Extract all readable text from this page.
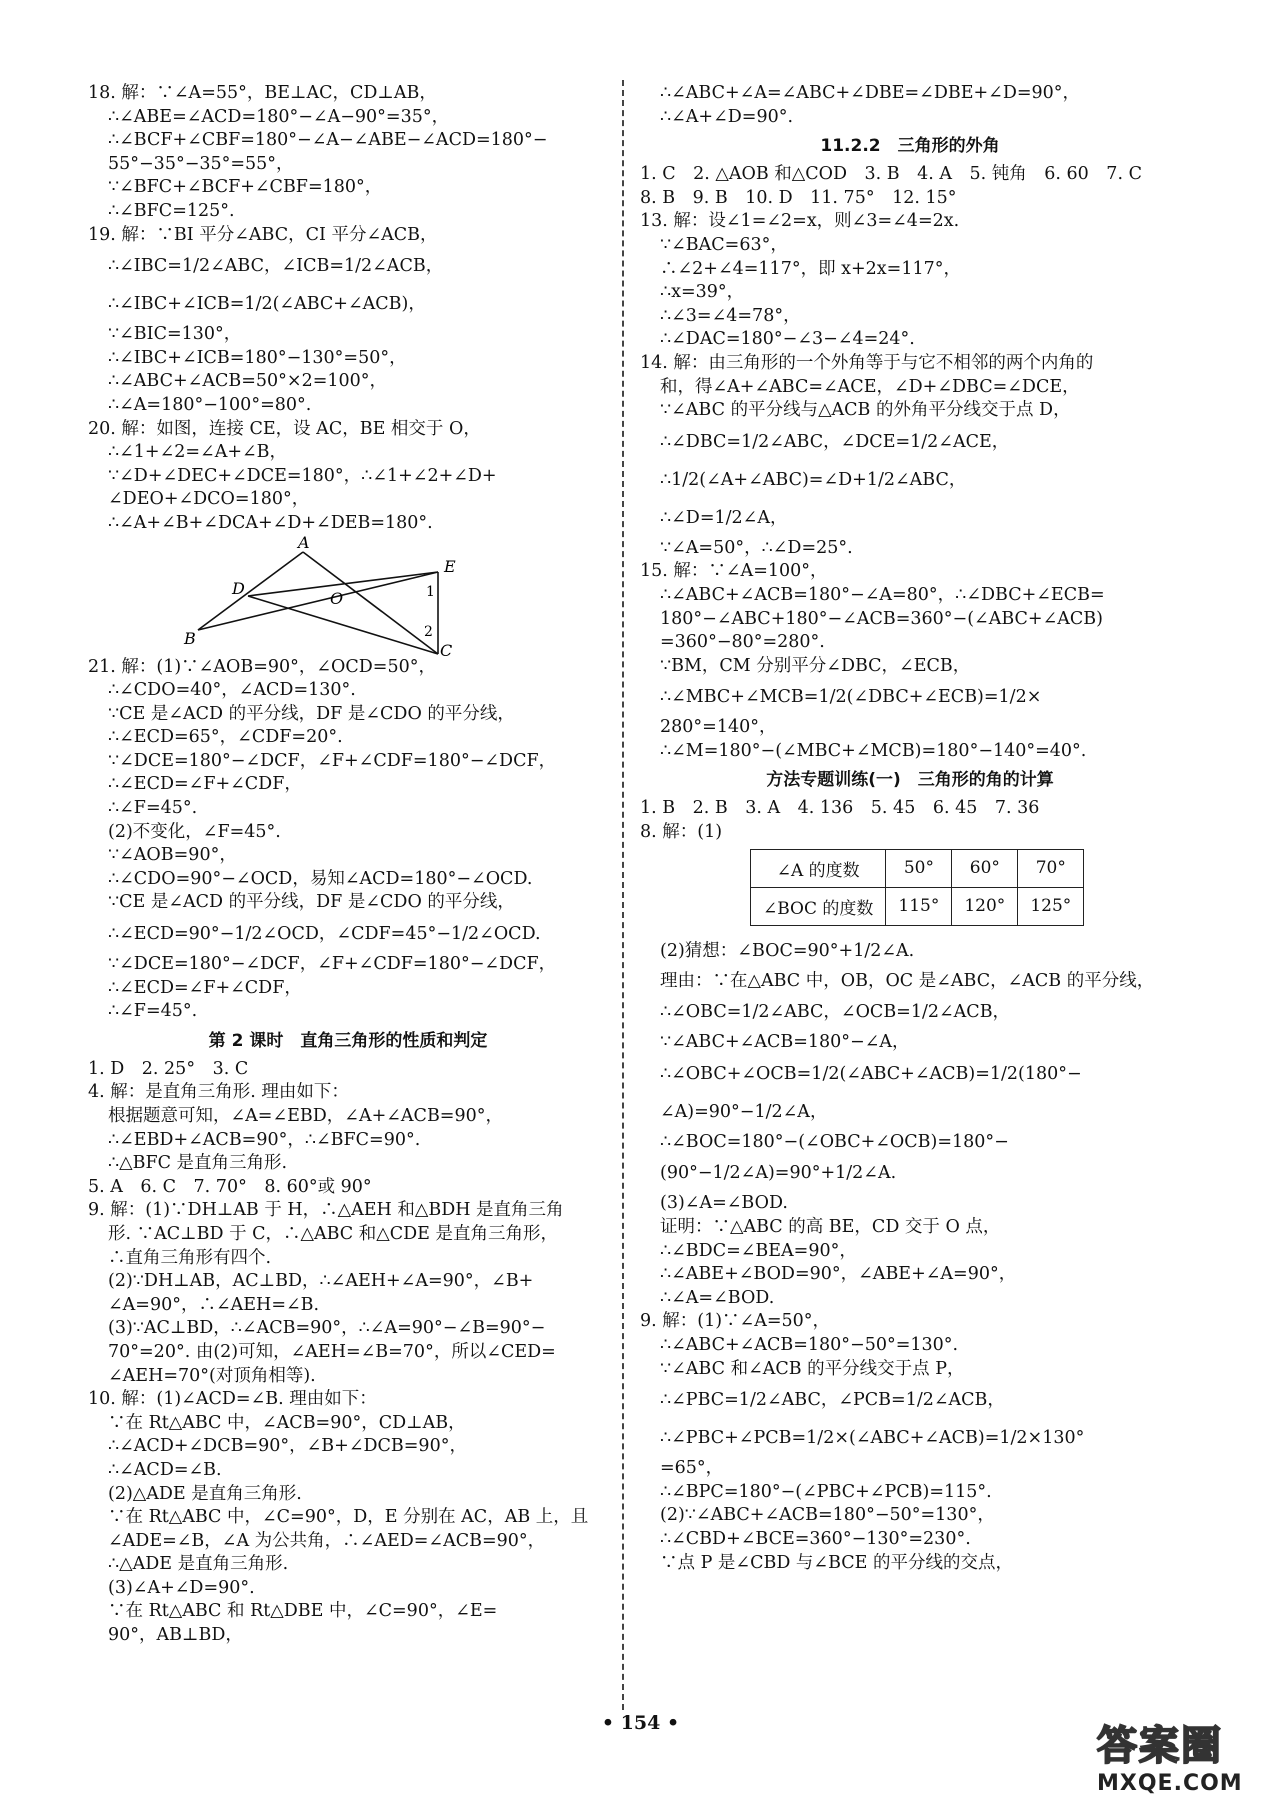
18. 解：∵∠A=55°，BE⊥AC，CD⊥AB，

∴∠ABE=∠ACD=180°−∠A−90°=35°，

∴∠BCF+∠CBF=180°−∠A−∠ABE−∠ACD=180°−

55°−35°−35°=55°，

∵∠BFC+∠BCF+∠CBF=180°，

∴∠BFC=125°.

19. 解：∵BI 平分∠ABC，CI 平分∠ACB，

∴∠IBC=1/2∠ABC，∠ICB=1/2∠ACB，

∴∠IBC+∠ICB=1/2(∠ABC+∠ACB)，

∵∠BIC=130°，

∴∠IBC+∠ICB=180°−130°=50°，

∴∠ABC+∠ACB=50°×2=100°，

∴∠A=180°−100°=80°.

20. 解：如图，连接 CE，设 AC，BE 相交于 O，

∴∠1+∠2=∠A+∠B，

∵∠D+∠DEC+∠DCE=180°，∴∠1+∠2+∠D+

∠DEO+∠DCO=180°，

∴∠A+∠B+∠DCA+∠D+∠DEB=180°.

A
B
C
D
E
O	1
2

21. 解：(1)∵∠AOB=90°，∠OCD=50°，

∴∠CDO=40°，∠ACD=130°.

∵CE 是∠ACD 的平分线，DF 是∠CDO 的平分线，

∴∠ECD=65°，∠CDF=20°.

∵∠DCE=180°−∠DCF，∠F+∠CDF=180°−∠DCF，

∴∠ECD=∠F+∠CDF，

∴∠F=45°.

(2)不变化，∠F=45°.

∵∠AOB=90°，

∴∠CDO=90°−∠OCD，易知∠ACD=180°−∠OCD.

∵CE 是∠ACD 的平分线，DF 是∠CDO 的平分线，

∴∠ECD=90°−1/2∠OCD，∠CDF=45°−1/2∠OCD.

∵∠DCE=180°−∠DCF，∠F+∠CDF=180°−∠DCF，

∴∠ECD=∠F+∠CDF，

∴∠F=45°.

第 2 课时　直角三角形的性质和判定

1. D　2. 25°　3. C

4. 解：是直角三角形. 理由如下：

根据题意可知，∠A=∠EBD，∠A+∠ACB=90°，

∴∠EBD+∠ACB=90°，∴∠BFC=90°.

∴△BFC 是直角三角形.

5. A　6. C　7. 70°　8. 60°或 90°

9. 解：(1)∵DH⊥AB 于 H，∴△AEH 和△BDH 是直角三角

形. ∵AC⊥BD 于 C，∴△ABC 和△CDE 是直角三角形，

∴直角三角形有四个.

(2)∵DH⊥AB，AC⊥BD，∴∠AEH+∠A=90°，∠B+

∠A=90°，∴∠AEH=∠B.

(3)∵AC⊥BD，∴∠ACB=90°，∴∠A=90°−∠B=90°−

70°=20°. 由(2)可知，∠AEH=∠B=70°，所以∠CED=

∠AEH=70°(对顶角相等).

10. 解：(1)∠ACD=∠B. 理由如下：

∵在 Rt△ABC 中，∠ACB=90°，CD⊥AB，

∴∠ACD+∠DCB=90°，∠B+∠DCB=90°，

∴∠ACD=∠B.

(2)△ADE 是直角三角形.

∵在 Rt△ABC 中，∠C=90°，D，E 分别在 AC，AB 上，且

∠ADE=∠B，∠A 为公共角，∴∠AED=∠ACB=90°，

∴△ADE 是直角三角形.

(3)∠A+∠D=90°.

∵在 Rt△ABC 和 Rt△DBE 中，∠C=90°，∠E=

90°，AB⊥BD，

∴∠ABC+∠A=∠ABC+∠DBE=∠DBE+∠D=90°，

∴∠A+∠D=90°.

11.2.2　三角形的外角

1. C　2. △AOB 和△COD　3. B　4. A　5. 钝角　6. 60　7. C

8. B　9. B　10. D　11. 75°　12. 15°

13. 解：设∠1=∠2=x，则∠3=∠4=2x.

∵∠BAC=63°，

∴∠2+∠4=117°，即 x+2x=117°，

∴x=39°，

∴∠3=∠4=78°，

∴∠DAC=180°−∠3−∠4=24°.

14. 解：由三角形的一个外角等于与它不相邻的两个内角的

和，得∠A+∠ABC=∠ACE，∠D+∠DBC=∠DCE，

∵∠ABC 的平分线与△ACB 的外角平分线交于点 D，

∴∠DBC=1/2∠ABC，∠DCE=1/2∠ACE，

∴1/2(∠A+∠ABC)=∠D+1/2∠ABC，

∴∠D=1/2∠A，

∵∠A=50°，∴∠D=25°.

15. 解：∵∠A=100°，

∴∠ABC+∠ACB=180°−∠A=80°，∴∠DBC+∠ECB=

180°−∠ABC+180°−∠ACB=360°−(∠ABC+∠ACB)

=360°−80°=280°.

∵BM，CM 分别平分∠DBC，∠ECB，

∴∠MBC+∠MCB=1/2(∠DBC+∠ECB)=1/2×

280°=140°，

∴∠M=180°−(∠MBC+∠MCB)=180°−140°=40°.

方法专题训练(一)　三角形的角的计算

1. B　2. B　3. A　4. 136　5. 45　6. 45　7. 36

8. 解：(1)

∠A 的度数	50°	60°	70°
∠BOC 的度数	115°	120°	125°

(2)猜想：∠BOC=90°+1/2∠A.

理由：∵在△ABC 中，OB，OC 是∠ABC，∠ACB 的平分线，

∴∠OBC=1/2∠ABC，∠OCB=1/2∠ACB，

∵∠ABC+∠ACB=180°−∠A，

∴∠OBC+∠OCB=1/2(∠ABC+∠ACB)=1/2(180°−

∠A)=90°−1/2∠A，

∴∠BOC=180°−(∠OBC+∠OCB)=180°−

(90°−1/2∠A)=90°+1/2∠A.

(3)∠A=∠BOD.

证明：∵△ABC 的高 BE，CD 交于 O 点，

∴∠BDC=∠BEA=90°，

∴∠ABE+∠BOD=90°，∠ABE+∠A=90°，

∴∠A=∠BOD.

9. 解：(1)∵∠A=50°，

∴∠ABC+∠ACB=180°−50°=130°.

∵∠ABC 和∠ACB 的平分线交于点 P，

∴∠PBC=1/2∠ABC，∠PCB=1/2∠ACB，

∴∠PBC+∠PCB=1/2×(∠ABC+∠ACB)=1/2×130°

=65°，

∴∠BPC=180°−(∠PBC+∠PCB)=115°.

(2)∵∠ABC+∠ACB=180°−50°=130°，

∴∠CBD+∠BCE=360°−130°=230°.

∵点 P 是∠CBD 与∠BCE 的平分线的交点，

• 154 •	答案圈
MXQE.COM
